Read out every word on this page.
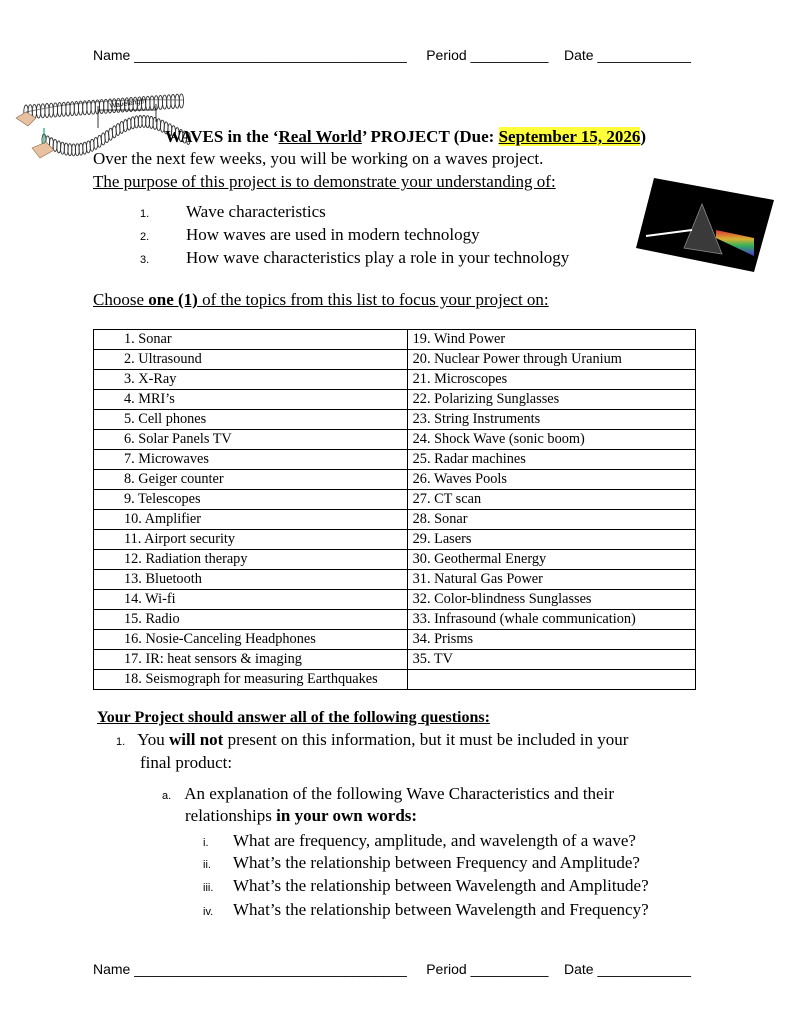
Name ___________________________________ Period __________ Date ____________
Wavelength
WAVES in the ‘Real World’ PROJECT (Due: September 15, 2026)
Over the next few weeks, you will be working on a waves project.
The purpose of this project is to demonstrate your understanding of:
1. Wave characteristics
2. How waves are used in modern technology
3. How wave characteristics play a role in your technology
Choose one (1) of the topics from this list to focus your project on:
1. Sonar	19. Wind Power
2. Ultrasound	20. Nuclear Power through Uranium
3. X-Ray	21. Microscopes
4. MRI’s	22. Polarizing Sunglasses
5. Cell phones	23. String Instruments
6. Solar Panels TV	24. Shock Wave (sonic boom)
7. Microwaves	25. Radar machines
8. Geiger counter	26. Waves Pools
9. Telescopes	27. CT scan
10. Amplifier	28. Sonar
11. Airport security	29. Lasers
12. Radiation therapy	30. Geothermal Energy
13. Bluetooth	31. Natural Gas Power
14. Wi-fi	32. Color-blindness Sunglasses
15. Radio	33. Infrasound (whale communication)
16. Nosie-Canceling Headphones	34. Prisms
17. IR: heat sensors & imaging	35. TV
18. Seismograph for measuring Earthquakes	
Your Project should answer all of the following questions:
1. You will not present on this information, but it must be included in your
final product:
a. An explanation of the following Wave Characteristics and their
relationships in your own words:
i. What are frequency, amplitude, and wavelength of a wave?
ii. What’s the relationship between Frequency and Amplitude?
iii. What’s the relationship between Wavelength and Amplitude?
iv. What’s the relationship between Wavelength and Frequency?
Name ___________________________________ Period __________ Date ____________
